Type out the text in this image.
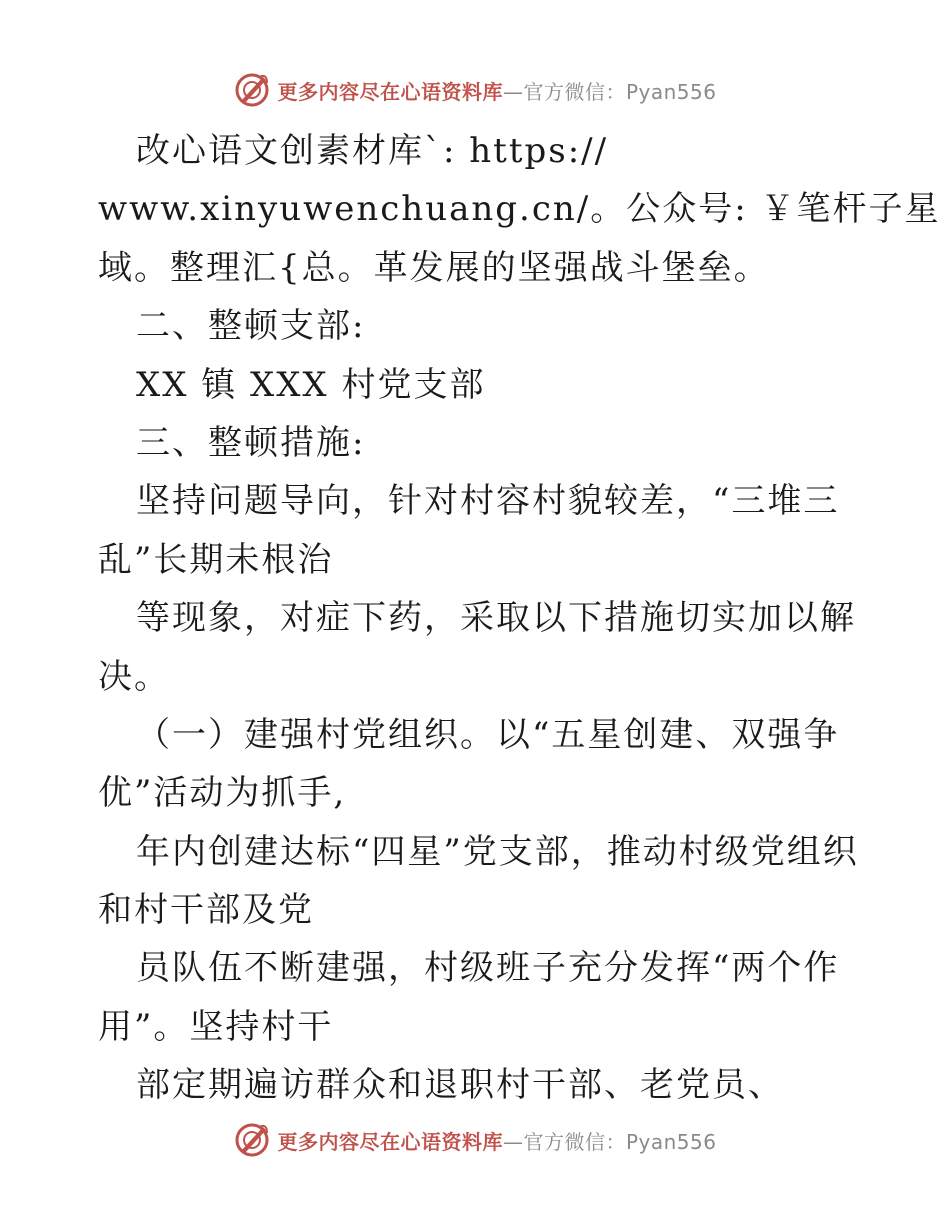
更多内容尽在心语资料库 — 官方微信：Pyan556
改心语文创素材库`: https://
www.xinyuwenchuang.cn/。公众号: ￥笔杆子星
域。整理汇{总。革发展的坚强战斗堡垒。
二、整顿支部:
XX 镇 XXX 村党支部
三、整顿措施:
坚持问题导向，针对村容村貌较差，“三堆三
乱”长期未根治
等现象，对症下药，采取以下措施切实加以解
决。
（一）建强村党组织。以“五星创建、双强争
优”活动为抓手,
年内创建达标“四星”党支部，推动村级党组织
和村干部及党
员队伍不断建强，村级班子充分发挥“两个作
用”。坚持村干
部定期遍访群众和退职村干部、老党员、
更多内容尽在心语资料库 — 官方微信：Pyan556
